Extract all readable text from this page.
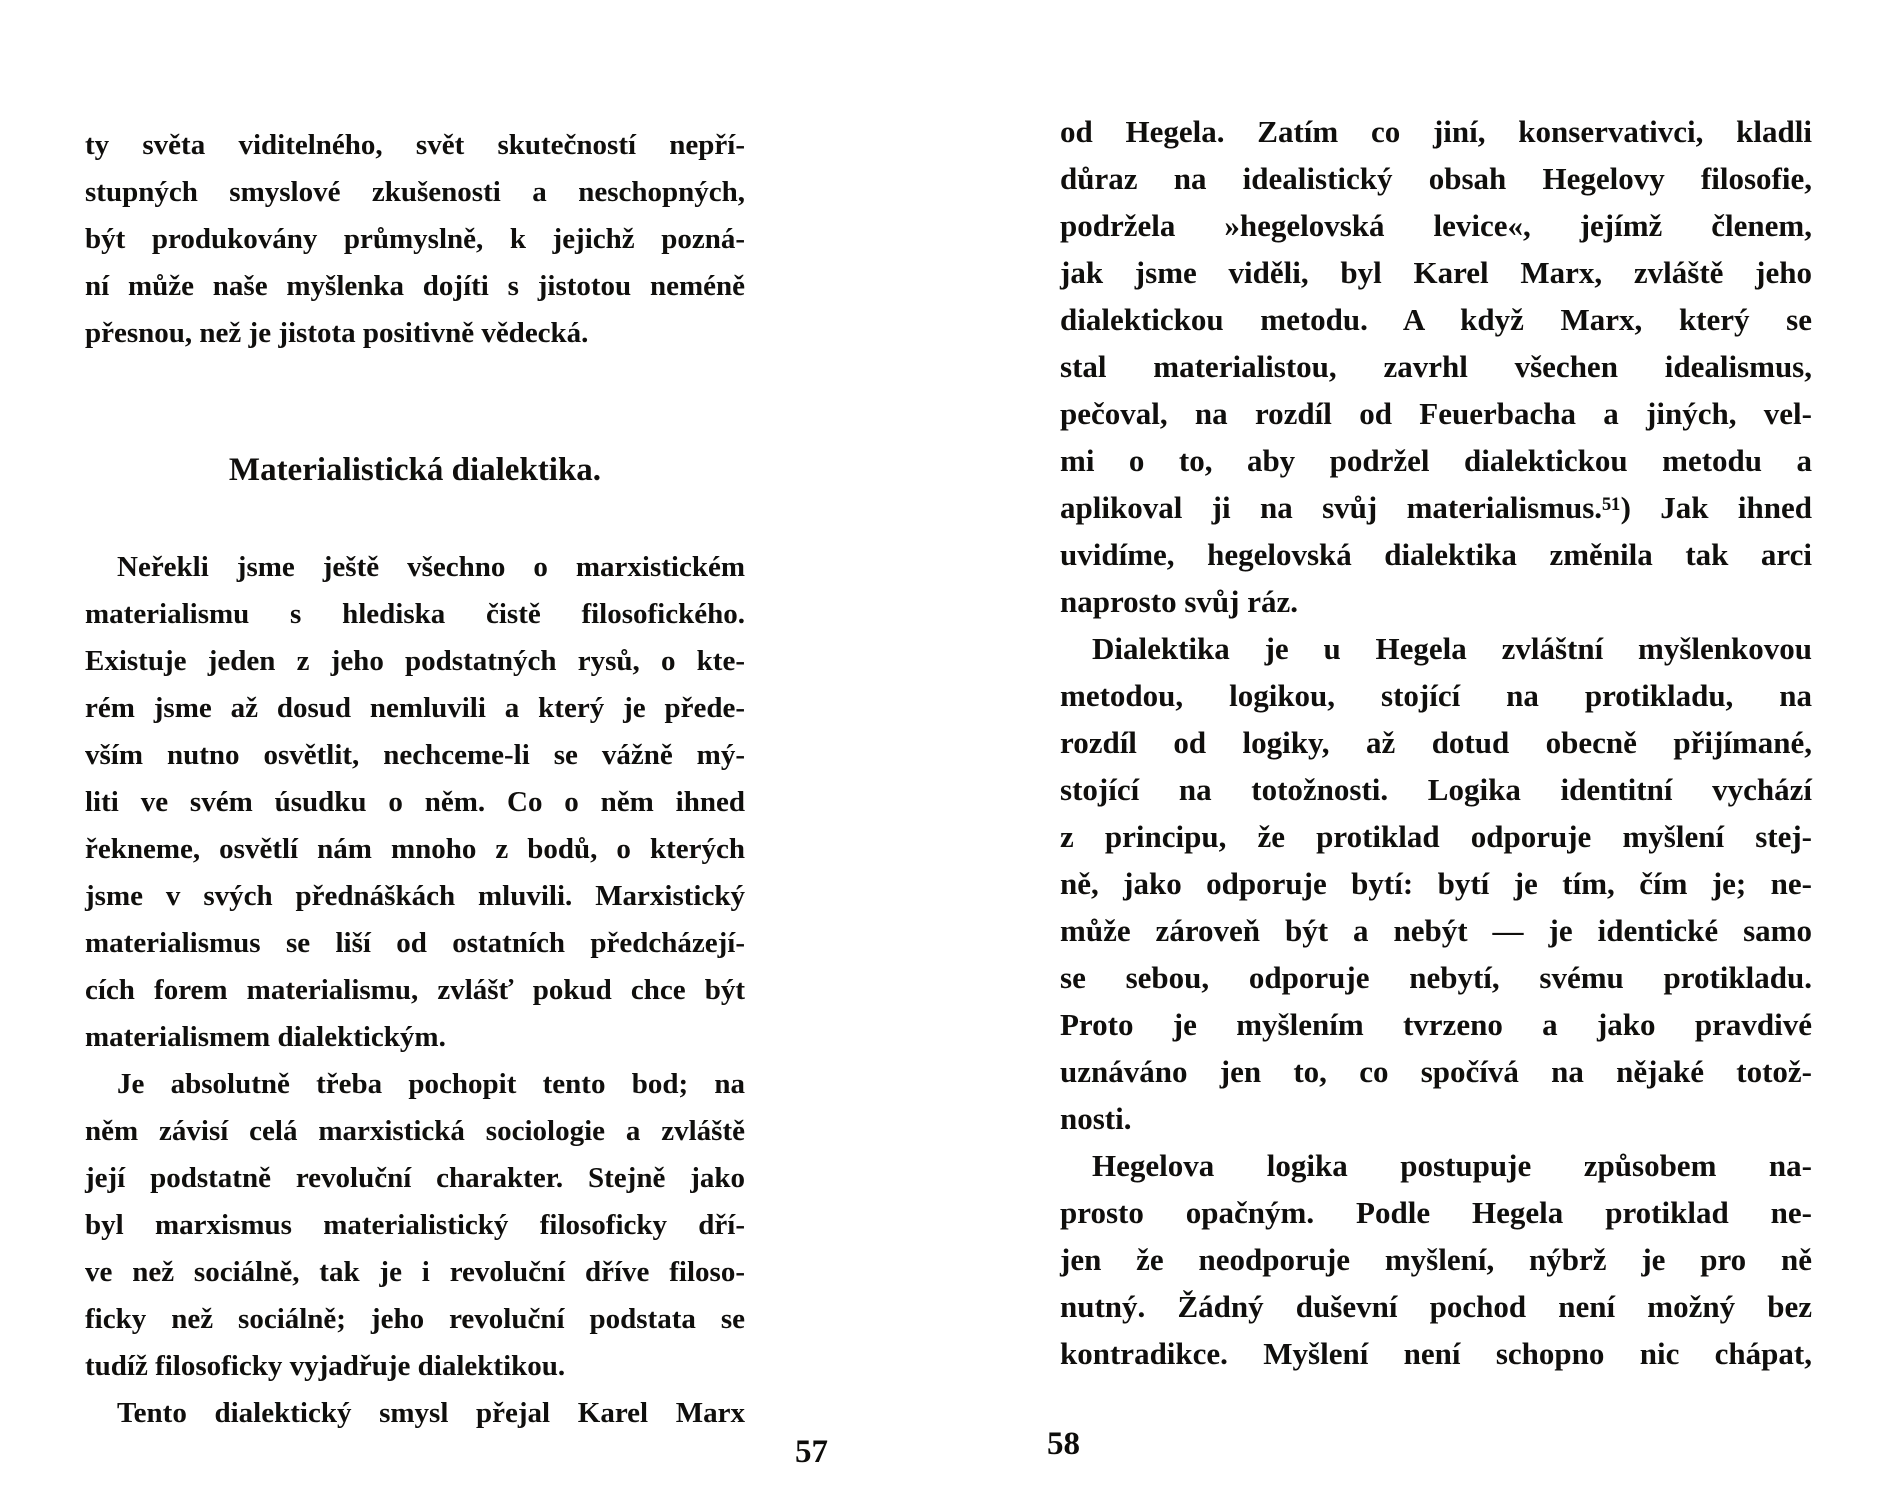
ty světa viditelného, svět skutečností nepří-
stupných smyslové zkušenosti a neschopných,
být produkovány průmyslně, k jejichž pozná-
ní může naše myšlenka dojíti s jistotou neméně
přesnou, než je jistota positivně vědecká.
Materialistická dialektika.
Neřekli jsme ještě všechno o marxistickém
materialismu s hlediska čistě filosofického.
Existuje jeden z jeho podstatných rysů, o kte-
rém jsme až dosud nemluvili a který je přede-
vším nutno osvětlit, nechceme-li se vážně mý-
liti ve svém úsudku o něm. Co o něm ihned
řekneme, osvětlí nám mnoho z bodů, o kterých
jsme v svých přednáškách mluvili. Marxistický
materialismus se liší od ostatních předcházejí-
cích forem materialismu, zvlášť pokud chce být
materialismem dialektickým.
Je absolutně třeba pochopit tento bod; na
něm závisí celá marxistická sociologie a zvláště
její podstatně revoluční charakter. Stejně jako
byl marxismus materialistický filosoficky dří-
ve než sociálně, tak je i revoluční dříve filoso-
ficky než sociálně; jeho revoluční podstata se
tudíž filosoficky vyjadřuje dialektikou.
Tento dialektický smysl přejal Karel Marx
od Hegela. Zatím co jiní, konservativci, kladli
důraz na idealistický obsah Hegelovy filosofie,
podržela »hegelovská levice«, jejímž členem,
jak jsme viděli, byl Karel Marx, zvláště jeho
dialektickou metodu. A když Marx, který se
stal materialistou, zavrhl všechen idealismus,
pečoval, na rozdíl od Feuerbacha a jiných, vel-
mi o to, aby podržel dialektickou metodu a
aplikoval ji na svůj materialismus.⁵¹) Jak ihned
uvidíme, hegelovská dialektika změnila tak arci
naprosto svůj ráz.
Dialektika je u Hegela zvláštní myšlenkovou
metodou, logikou, stojící na protikladu, na
rozdíl od logiky, až dotud obecně přijímané,
stojící na totožnosti. Logika identitní vychází
z principu, že protiklad odporuje myšlení stej-
ně, jako odporuje bytí: bytí je tím, čím je; ne-
může zároveň být a nebýt — je identické samo
se sebou, odporuje nebytí, svému protikladu.
Proto je myšlením tvrzeno a jako pravdivé
uznáváno jen to, co spočívá na nějaké totož-
nosti.
Hegelova logika postupuje způsobem na-
prosto opačným. Podle Hegela protiklad ne-
jen že neodporuje myšlení, nýbrž je pro ně
nutný. Žádný duševní pochod není možný bez
kontradikce. Myšlení není schopno nic chápat,
57	58
